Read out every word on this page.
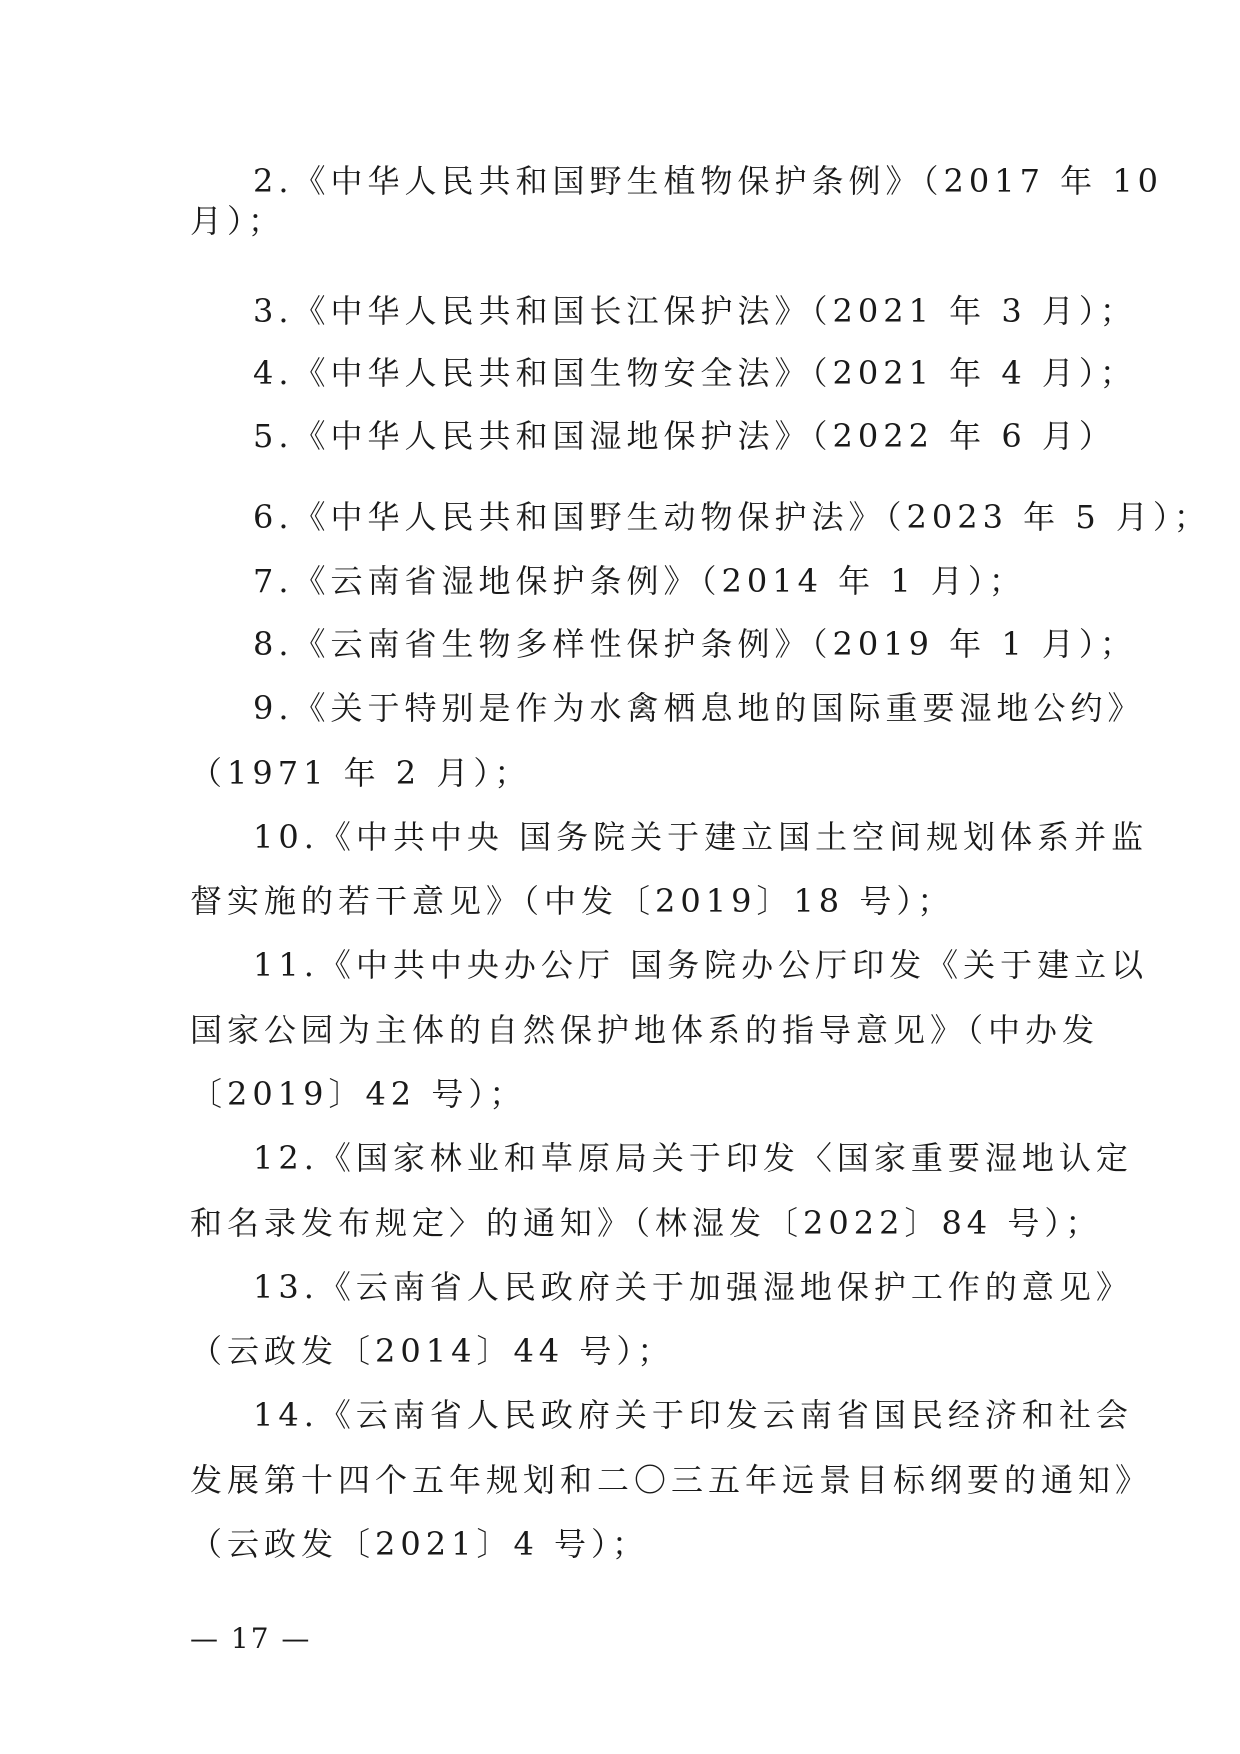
2.《中华人民共和国野生植物保护条例》（2017 年 10
月）；
3.《中华人民共和国长江保护法》（2021 年 3 月）；
4.《中华人民共和国生物安全法》（2021 年 4 月）；
5.《中华人民共和国湿地保护法》（2022 年 6 月）
6.《中华人民共和国野生动物保护法》（2023 年 5 月）；
7.《云南省湿地保护条例》（2014 年 1 月）；
8.《云南省生物多样性保护条例》（2019 年 1 月）；
9.《关于特别是作为水禽栖息地的国际重要湿地公约》
（1971 年 2 月）；
10.《中共中央 国务院关于建立国土空间规划体系并监
督实施的若干意见》（中发〔2019〕18 号）；
11.《中共中央办公厅 国务院办公厅印发《关于建立以
国家公园为主体的自然保护地体系的指导意见》（中办发
〔2019〕42 号）；
12.《国家林业和草原局关于印发〈国家重要湿地认定
和名录发布规定〉的通知》（林湿发〔2022〕84 号）；
13.《云南省人民政府关于加强湿地保护工作的意见》
（云政发〔2014〕44 号）；
14.《云南省人民政府关于印发云南省国民经济和社会
发展第十四个五年规划和二〇三五年远景目标纲要的通知》
（云政发〔2021〕4 号）；
— 17 —
